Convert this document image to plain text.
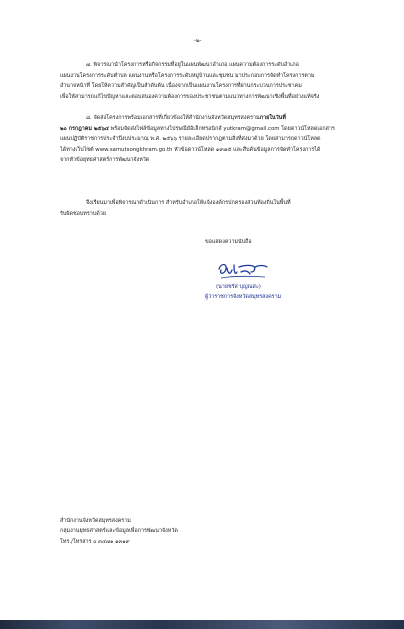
-๒-
๗. พิจารณานำโครงการหรือกิจกรรมที่อยู่ในแผนพัฒนาอำเภอ แผนความต้องการระดับอำเภอ
แผนงานโครงการระดับตำบล แผนงานหรือโครงการระดับหมู่บ้านและชุมชน มาประกอบการจัดทำโครงการตาม
อำนาจหน้าที่ โดยให้ความสำคัญเป็นลำดับต้น เนื่องจากเป็นแผนงานโครงการที่ผ่านกระบวนการประชาคม
เพื่อให้สามารถแก้ไขปัญหาและตอบสนองความต้องการของประชาชนตามแนวทางการพัฒนาเชิงพื้นที่อย่างแท้จริง
๘. จัดส่งโครงการพร้อมเอกสารที่เกี่ยวข้องให้สำนักงานจังหวัดสมุทรสงครามภายในวันที่
๒๐ กรกฎาคม ๒๕๖๔ พร้อมจัดส่งไฟล์ข้อมูลทางไปรษณีย์อิเล็กทรอนิกส์ yutkram@gmail.com โดยดาวน์โหลดเอกสาร
แผนปฏิบัติราชการประจำปีงบประมาณ พ.ศ. ๒๕๖๖ รายละเอียดปรากฏตามสิ่งที่ส่งมาด้วย โดยสามารถดาวน์โหลด
ได้ทางเว็บไซต์ www.samutsongkhram.go.th หัวข้อดาวน์โหลด ๑๙๗๕ และสืบค้นข้อมูลการจัดทำโครงการได้
จากหัวข้อยุทธศาสตร์การพัฒนาจังหวัด
จึงเรียนมาเพื่อพิจารณาดำเนินการ สำหรับอำเภอให้แจ้งองค์กรปกครองส่วนท้องถิ่นในพื้นที่
รับผิดชอบทราบด้วย
ขอแสดงความนับถือ
(นายชรัส บุญณสะ)
ผู้ว่าราชการจังหวัดสมุทรสงคราม
สำนักงานจังหวัดสมุทรสงคราม
กลุ่มงานยุทธศาสตร์และข้อมูลเพื่อการพัฒนาจังหวัด
โทร./โทรสาร ๐ ๓๔๗๑ ๑๓๑๙
